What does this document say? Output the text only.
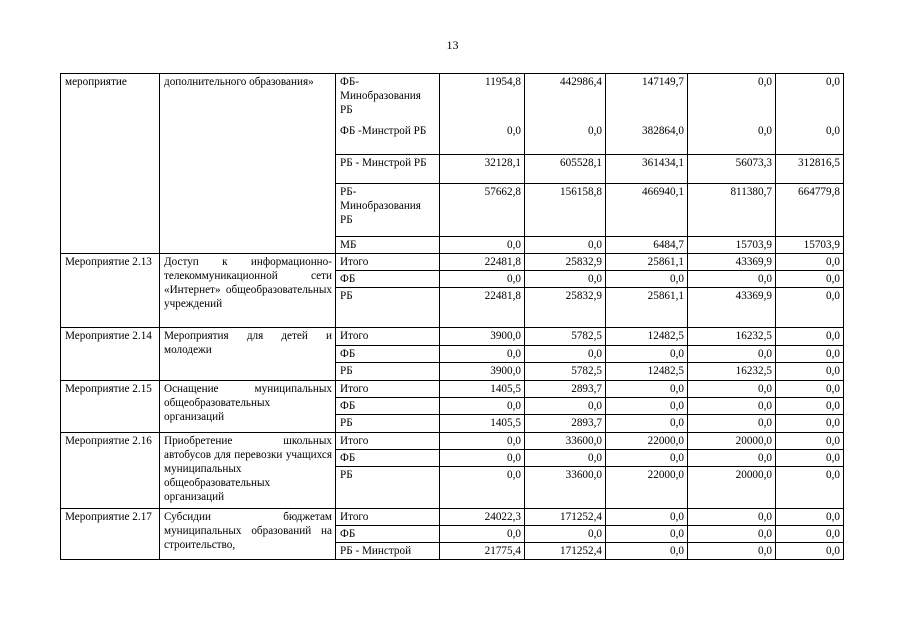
13
мероприятие	дополнительного образования»	ФБ-Минобразования РБ	11954,8	442986,4	147149,7	0,0	0,0
		ФБ -Минстрой РБ	0,0	0,0	382864,0	0,0	0,0
		РБ - Минстрой РБ	32128,1	605528,1	361434,1	56073,3	312816,5
		РБ-Минобразования РБ	57662,8	156158,8	466940,1	811380,7	664779,8
		МБ	0,0	0,0	6484,7	15703,9	15703,9
Мероприятие 2.13	Доступ к информационно-телекоммуникационной сети «Интернет» общеобразовательных учреждений	Итого	22481,8	25832,9	25861,1	43369,9	0,0
		ФБ	0,0	0,0	0,0	0,0	0,0
		РБ	22481,8	25832,9	25861,1	43369,9	0,0
Мероприятие 2.14	Мероприятия для детей и молодежи	Итого	3900,0	5782,5	12482,5	16232,5	0,0
		ФБ	0,0	0,0	0,0	0,0	0,0
		РБ	3900,0	5782,5	12482,5	16232,5	0,0
Мероприятие 2.15	Оснащение муниципальных общеобразовательных организаций	Итого	1405,5	2893,7	0,0	0,0	0,0
		ФБ	0,0	0,0	0,0	0,0	0,0
		РБ	1405,5	2893,7	0,0	0,0	0,0
Мероприятие 2.16	Приобретение школьных автобусов для перевозки учащихся муниципальных общеобразовательных организаций	Итого	0,0	33600,0	22000,0	20000,0	0,0
		ФБ	0,0	0,0	0,0	0,0	0,0
		РБ	0,0	33600,0	22000,0	20000,0	0,0
Мероприятие 2.17	Субсидии бюджетам муниципальных образований на строительство,	Итого	24022,3	171252,4	0,0	0,0	0,0
		ФБ	0,0	0,0	0,0	0,0	0,0
		РБ - Минстрой	21775,4	171252,4	0,0	0,0	0,0
